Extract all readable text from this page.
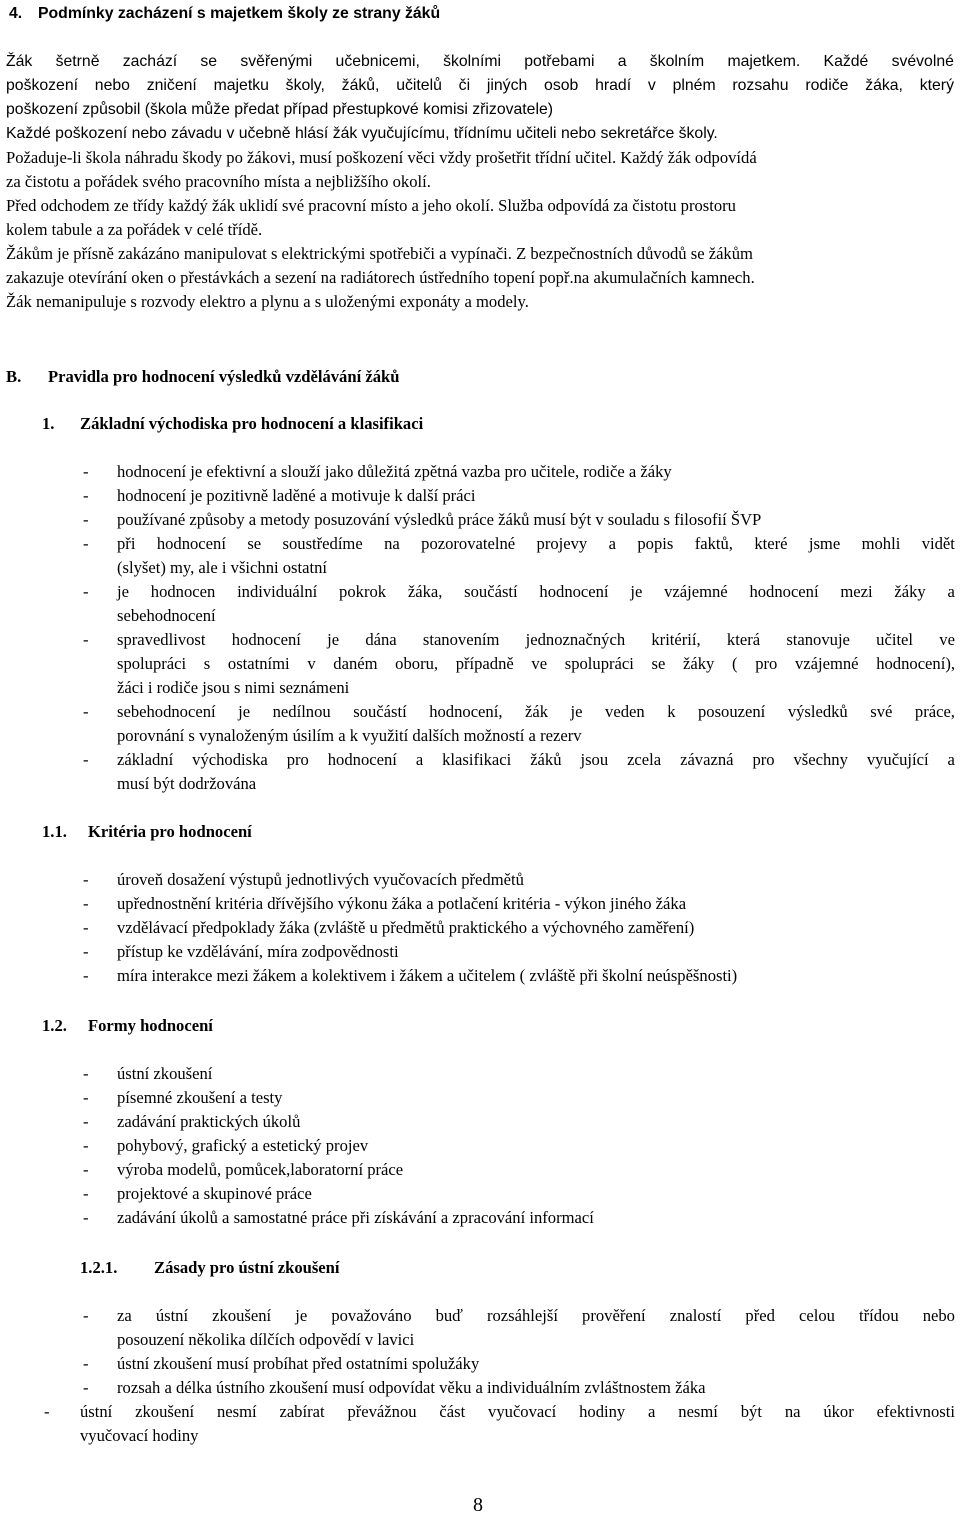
4. Podmínky zacházení s majetkem školy ze strany žáků
Žák šetrně zachází se svěřenými učebnicemi, školními potřebami a školním majetkem. Každé svévolné
poškození nebo zničení majetku školy, žáků, učitelů či jiných osob hradí v plném rozsahu rodiče žáka, který
poškození způsobil (škola může předat případ přestupkové komisi zřizovatele)
Každé poškození nebo závadu v učebně hlásí žák vyučujícímu, třídnímu učiteli nebo sekretářce školy.
Požaduje-li škola náhradu škody po žákovi, musí poškození věci vždy prošetřit třídní učitel. Každý žák odpovídá
za čistotu a pořádek svého pracovního místa a nejbližšího okolí.
Před odchodem ze třídy každý žák uklidí své pracovní místo a jeho okolí. Služba odpovídá za čistotu prostoru
kolem tabule a za pořádek v celé třídě.
Žákům je přísně zakázáno manipulovat s elektrickými spotřebiči a vypínači. Z bezpečnostních důvodů se žákům
zakazuje otevírání oken o přestávkách a sezení na radiátorech ústředního topení popř.na akumulačních kamnech.
Žák nemanipuluje s rozvody elektro a plynu a s uloženými exponáty a modely.
B. Pravidla pro hodnocení výsledků vzdělávání žáků
1. Základní východiska pro hodnocení a klasifikaci
- hodnocení je efektivní a slouží jako důležitá zpětná vazba pro učitele, rodiče a žáky
- hodnocení je pozitivně laděné a motivuje k další práci
- používané způsoby a metody posuzování výsledků práce žáků musí být v souladu s filosofií ŠVP
- při hodnocení se soustředíme na pozorovatelné projevy a popis faktů, které jsme mohli vidět
(slyšet) my, ale i všichni ostatní
- je hodnocen individuální pokrok žáka, součástí hodnocení je vzájemné hodnocení mezi žáky a
sebehodnocení
- spravedlivost hodnocení je dána stanovením jednoznačných kritérií, která stanovuje učitel ve
spolupráci s ostatními v daném oboru, případně ve spolupráci se žáky ( pro vzájemné hodnocení),
žáci i rodiče jsou s nimi seznámeni
- sebehodnocení je nedílnou součástí hodnocení, žák je veden k posouzení výsledků své práce,
porovnání s vynaloženým úsilím a k využití dalších možností a rezerv
- základní východiska pro hodnocení a klasifikaci žáků jsou zcela závazná pro všechny vyučující a
musí být dodržována
1.1. Kritéria pro hodnocení
- úroveň dosažení výstupů jednotlivých vyučovacích předmětů
- upřednostnění kritéria dřívějšího výkonu žáka a potlačení kritéria - výkon jiného žáka
- vzdělávací předpoklady žáka (zvláště u předmětů praktického a výchovného zaměření)
- přístup ke vzdělávání, míra zodpovědnosti
- míra interakce mezi žákem a kolektivem i žákem a učitelem ( zvláště při školní neúspěšnosti)
1.2. Formy hodnocení
- ústní zkoušení
- písemné zkoušení a testy
- zadávání praktických úkolů
- pohybový, grafický a estetický projev
- výroba modelů, pomůcek,laboratorní práce
- projektové a skupinové práce
- zadávání úkolů a samostatné práce při získávání a zpracování informací
1.2.1. Zásady pro ústní zkoušení
- za ústní zkoušení je považováno buď rozsáhlejší prověření znalostí před celou třídou nebo
posouzení několika dílčích odpovědí v lavici
- ústní zkoušení musí probíhat před ostatními spolužáky
- rozsah a délka ústního zkoušení musí odpovídat věku a individuálním zvláštnostem žáka
- ústní zkoušení nesmí zabírat převážnou část vyučovací hodiny a nesmí být na úkor efektivnosti
vyučovací hodiny
8
